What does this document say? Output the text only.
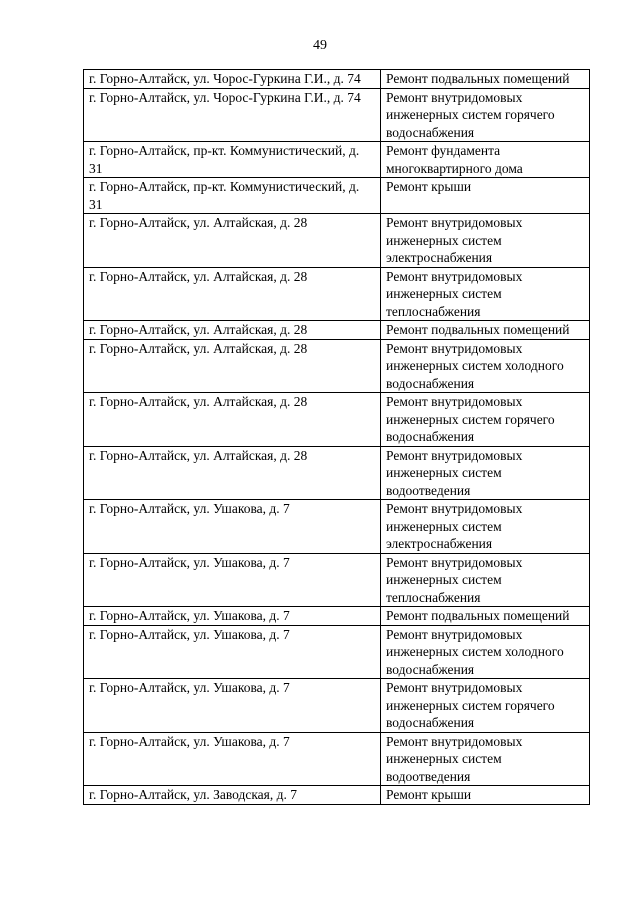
49
г. Горно-Алтайск, ул. Чорос-Гуркина Г.И., д. 74	Ремонт подвальных помещений
г. Горно-Алтайск, ул. Чорос-Гуркина Г.И., д. 74	Ремонт внутридомовых инженерных систем горячего водоснабжения
г. Горно-Алтайск, пр-кт. Коммунистический, д. 31	Ремонт фундамента многоквартирного дома
г. Горно-Алтайск, пр-кт. Коммунистический, д. 31	Ремонт крыши
г. Горно-Алтайск, ул. Алтайская, д. 28	Ремонт внутридомовых инженерных систем электроснабжения
г. Горно-Алтайск, ул. Алтайская, д. 28	Ремонт внутридомовых инженерных систем теплоснабжения
г. Горно-Алтайск, ул. Алтайская, д. 28	Ремонт подвальных помещений
г. Горно-Алтайск, ул. Алтайская, д. 28	Ремонт внутридомовых инженерных систем холодного водоснабжения
г. Горно-Алтайск, ул. Алтайская, д. 28	Ремонт внутридомовых инженерных систем горячего водоснабжения
г. Горно-Алтайск, ул. Алтайская, д. 28	Ремонт внутридомовых инженерных систем водоотведения
г. Горно-Алтайск, ул. Ушакова, д. 7	Ремонт внутридомовых инженерных систем электроснабжения
г. Горно-Алтайск, ул. Ушакова, д. 7	Ремонт внутридомовых инженерных систем теплоснабжения
г. Горно-Алтайск, ул. Ушакова, д. 7	Ремонт подвальных помещений
г. Горно-Алтайск, ул. Ушакова, д. 7	Ремонт внутридомовых инженерных систем холодного водоснабжения
г. Горно-Алтайск, ул. Ушакова, д. 7	Ремонт внутридомовых инженерных систем горячего водоснабжения
г. Горно-Алтайск, ул. Ушакова, д. 7	Ремонт внутридомовых инженерных систем водоотведения
г. Горно-Алтайск, ул. Заводская, д. 7	Ремонт крыши
